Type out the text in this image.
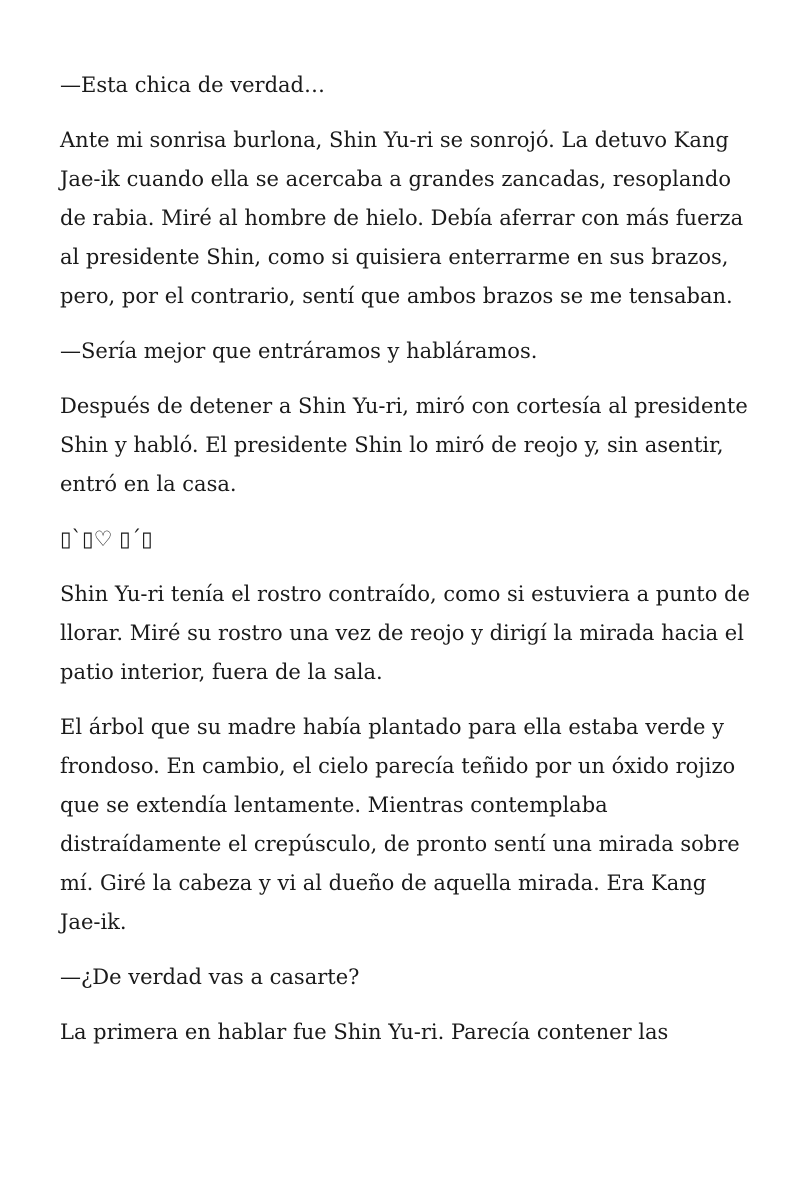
—Esta chica de verdad…

Ante mi sonrisa burlona, Shin Yu-ri se sonrojó. La detuvo Kang Jae-ik cuando ella se acercaba a grandes zancadas, resoplando de rabia. Miré al hombre de hielo. Debía aferrar con más fuerza al presidente Shin, como si quisiera enterrarme en sus brazos, pero, por el contrario, sentí que ambos brazos se me tensaban.

—Sería mejor que entráramos y habláramos.

Después de detener a Shin Yu-ri, miró con cortesía al presidente Shin y habló. El presidente Shin lo miró de reojo y, sin asentir, entró en la casa.

▯`▯♡ ▯´▯

Shin Yu-ri tenía el rostro contraído, como si estuviera a punto de llorar. Miré su rostro una vez de reojo y dirigí la mirada hacia el patio interior, fuera de la sala.

El árbol que su madre había plantado para ella estaba verde y frondoso. En cambio, el cielo parecía teñido por un óxido rojizo que se extendía lentamente. Mientras contemplaba distraídamente el crepúsculo, de pronto sentí una mirada sobre mí. Giré la cabeza y vi al dueño de aquella mirada. Era Kang Jae-ik.

—¿De verdad vas a casarte?

La primera en hablar fue Shin Yu-ri. Parecía contener las
